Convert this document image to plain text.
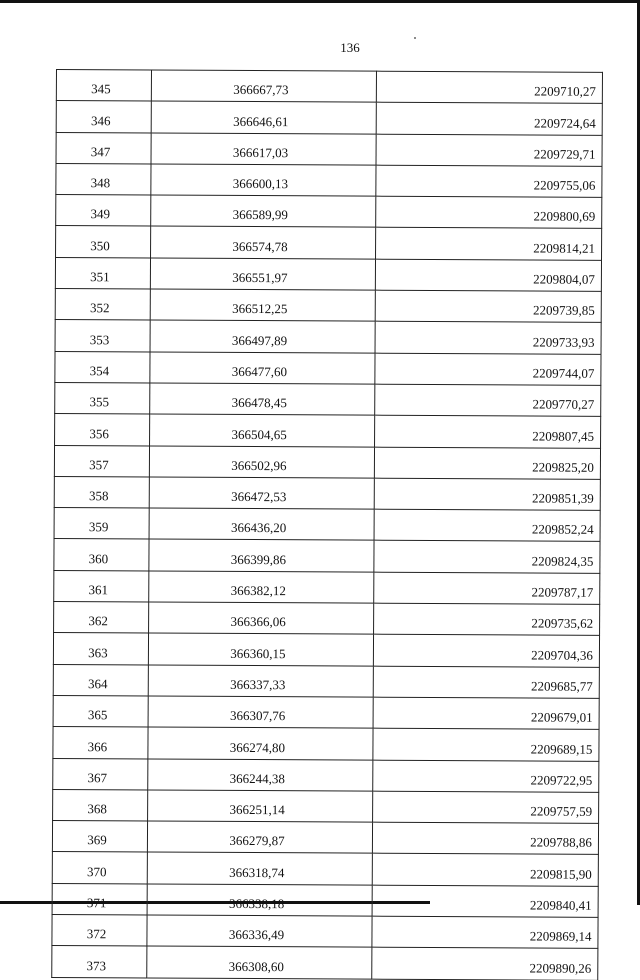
136
345	366667,73	2209710,27
346	366646,61	2209724,64
347	366617,03	2209729,71
348	366600,13	2209755,06
349	366589,99	2209800,69
350	366574,78	2209814,21
351	366551,97	2209804,07
352	366512,25	2209739,85
353	366497,89	2209733,93
354	366477,60	2209744,07
355	366478,45	2209770,27
356	366504,65	2209807,45
357	366502,96	2209825,20
358	366472,53	2209851,39
359	366436,20	2209852,24
360	366399,86	2209824,35
361	366382,12	2209787,17
362	366366,06	2209735,62
363	366360,15	2209704,36
364	366337,33	2209685,77
365	366307,76	2209679,01
366	366274,80	2209689,15
367	366244,38	2209722,95
368	366251,14	2209757,59
369	366279,87	2209788,86
370	366318,74	2209815,90
371	366338,18	2209840,41
372	366336,49	2209869,14
373	366308,60	2209890,26
